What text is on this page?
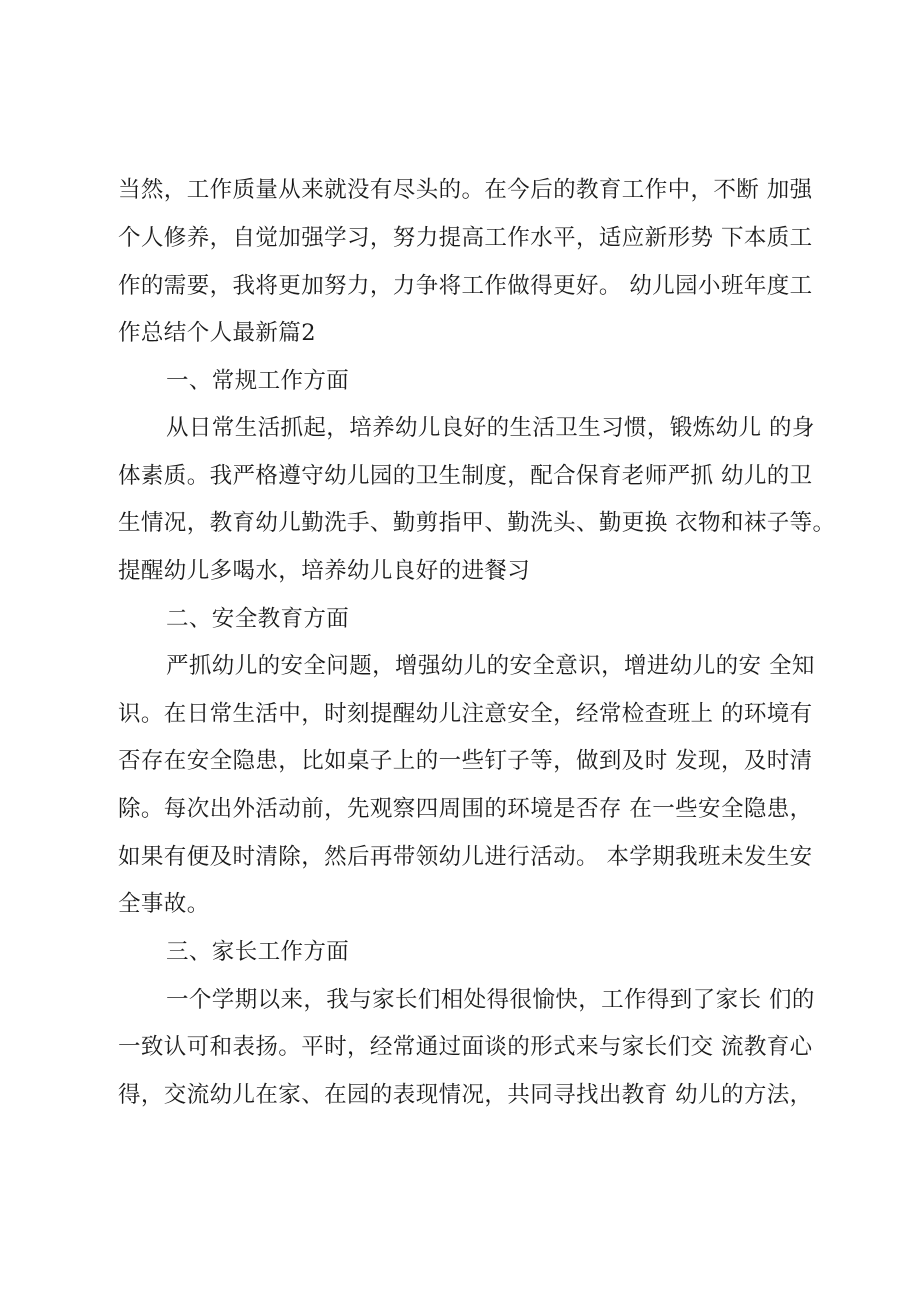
当然，工作质量从来就没有尽头的。在今后的教育工作中，不断 加强
个人修养，自觉加强学习，努力提高工作水平，适应新形势 下本质工
作的需要，我将更加努力，力争将工作做得更好。 幼儿园小班年度工
作总结个人最新篇2
一、常规工作方面
从日常生活抓起，培养幼儿良好的生活卫生习惯，锻炼幼儿 的身
体素质。我严格遵守幼儿园的卫生制度，配合保育老师严抓 幼儿的卫
生情况，教育幼儿勤洗手、勤剪指甲、勤洗头、勤更换 衣物和袜子等。
提醒幼儿多喝水，培养幼儿良好的进餐习
二、安全教育方面
严抓幼儿的安全问题，增强幼儿的安全意识，增进幼儿的安 全知
识。在日常生活中，时刻提醒幼儿注意安全，经常检查班上 的环境有
否存在安全隐患，比如桌子上的一些钉子等，做到及时 发现，及时清
除。每次出外活动前，先观察四周围的环境是否存 在一些安全隐患，
如果有便及时清除，然后再带领幼儿进行活动。 本学期我班未发生安
全事故。
三、家长工作方面
一个学期以来，我与家长们相处得很愉快，工作得到了家长 们的
一致认可和表扬。平时，经常通过面谈的形式来与家长们交 流教育心
得，交流幼儿在家、在园的表现情况，共同寻找出教育 幼儿的方法，
